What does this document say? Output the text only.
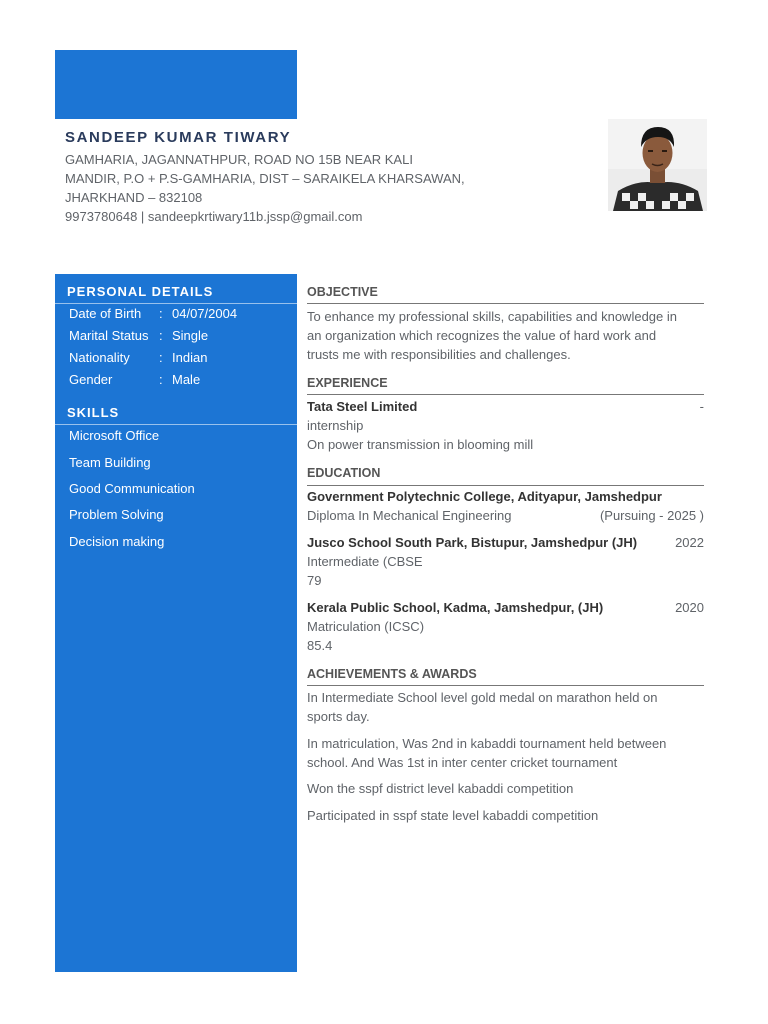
SANDEEP KUMAR TIWARY
GAMHARIA, JAGANNATHPUR, ROAD NO 15B NEAR KALI
MANDIR, P.O + P.S-GAMHARIA, DIST – SARAIKELA KHARSAWAN,
JHARKHAND – 832108
9973780648 | sandeepkrtiwary11b.jssp@gmail.com
PERSONAL DETAILS
Date of Birth	: 04/07/2004
Marital Status : Single
Nationality	: Indian
Gender	: Male
SKILLS
Microsoft Office
Team Building
Good Communication
Problem Solving
Decision making
OBJECTIVE
To enhance my professional skills, capabilities and knowledge in
an organization which recognizes the value of hard work and
trusts me with responsibilities and challenges.
EXPERIENCE
Tata Steel Limited	-
internship
On power transmission in blooming mill
EDUCATION
Government Polytechnic College, Adityapur, Jamshedpur
Diploma In Mechanical Engineering	(Pursuing - 2025 )
Jusco School South Park, Bistupur, Jamshedpur (JH)	2022
Intermediate (CBSE
79
Kerala Public School, Kadma, Jamshedpur, (JH)	2020
Matriculation (ICSC)
85.4
ACHIEVEMENTS & AWARDS
In Intermediate School level gold medal on marathon held on
sports day.
In matriculation, Was 2nd in kabaddi tournament held between
school. And Was 1st in inter center cricket tournament
Won the sspf district level kabaddi competition
Participated in sspf state level kabaddi competition
